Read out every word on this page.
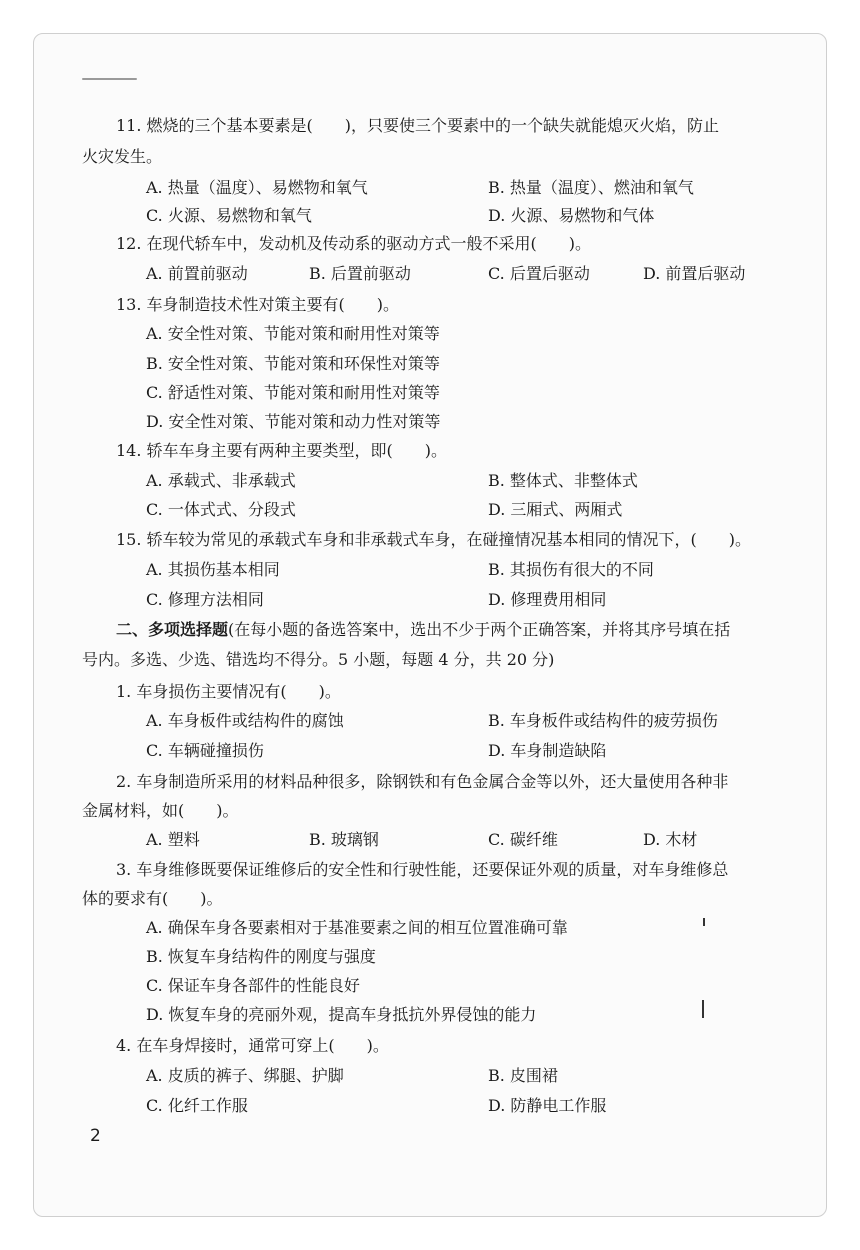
11. 燃烧的三个基本要素是(　　)，只要使三个要素中的一个缺失就能熄灭火焰，防止
火灾发生。
A. 热量（温度）、易燃物和氧气	B. 热量（温度）、燃油和氧气
C. 火源、易燃物和氧气	D. 火源、易燃物和气体
12. 在现代轿车中，发动机及传动系的驱动方式一般不采用(　　)。
A. 前置前驱动	B. 后置前驱动	C. 后置后驱动	D. 前置后驱动
13. 车身制造技术性对策主要有(　　)。
A. 安全性对策、节能对策和耐用性对策等
B. 安全性对策、节能对策和环保性对策等
C. 舒适性对策、节能对策和耐用性对策等
D. 安全性对策、节能对策和动力性对策等
14. 轿车车身主要有两种主要类型，即(　　)。
A. 承载式、非承载式	B. 整体式、非整体式
C. 一体式式、分段式	D. 三厢式、两厢式
15. 轿车较为常见的承载式车身和非承载式车身，在碰撞情况基本相同的情况下，(　　)。
A. 其损伤基本相同	B. 其损伤有很大的不同
C. 修理方法相同	D. 修理费用相同
二、多项选择题(在每小题的备选答案中，选出不少于两个正确答案，并将其序号填在括
号内。多选、少选、错选均不得分。5 小题，每题 4 分，共 20 分)
1. 车身损伤主要情况有(　　)。
A. 车身板件或结构件的腐蚀	B. 车身板件或结构件的疲劳损伤
C. 车辆碰撞损伤	D. 车身制造缺陷
2. 车身制造所采用的材料品种很多，除钢铁和有色金属合金等以外，还大量使用各种非
金属材料，如(　　)。
A. 塑料	B. 玻璃钢	C. 碳纤维	D. 木材
3. 车身维修既要保证维修后的安全性和行驶性能，还要保证外观的质量，对车身维修总
体的要求有(　　)。
A. 确保车身各要素相对于基准要素之间的相互位置准确可靠
B. 恢复车身结构件的刚度与强度
C. 保证车身各部件的性能良好
D. 恢复车身的亮丽外观，提高车身抵抗外界侵蚀的能力
4. 在车身焊接时，通常可穿上(　　)。
A. 皮质的裤子、绑腿、护脚	B. 皮围裙
C. 化纤工作服	D. 防静电工作服
2
